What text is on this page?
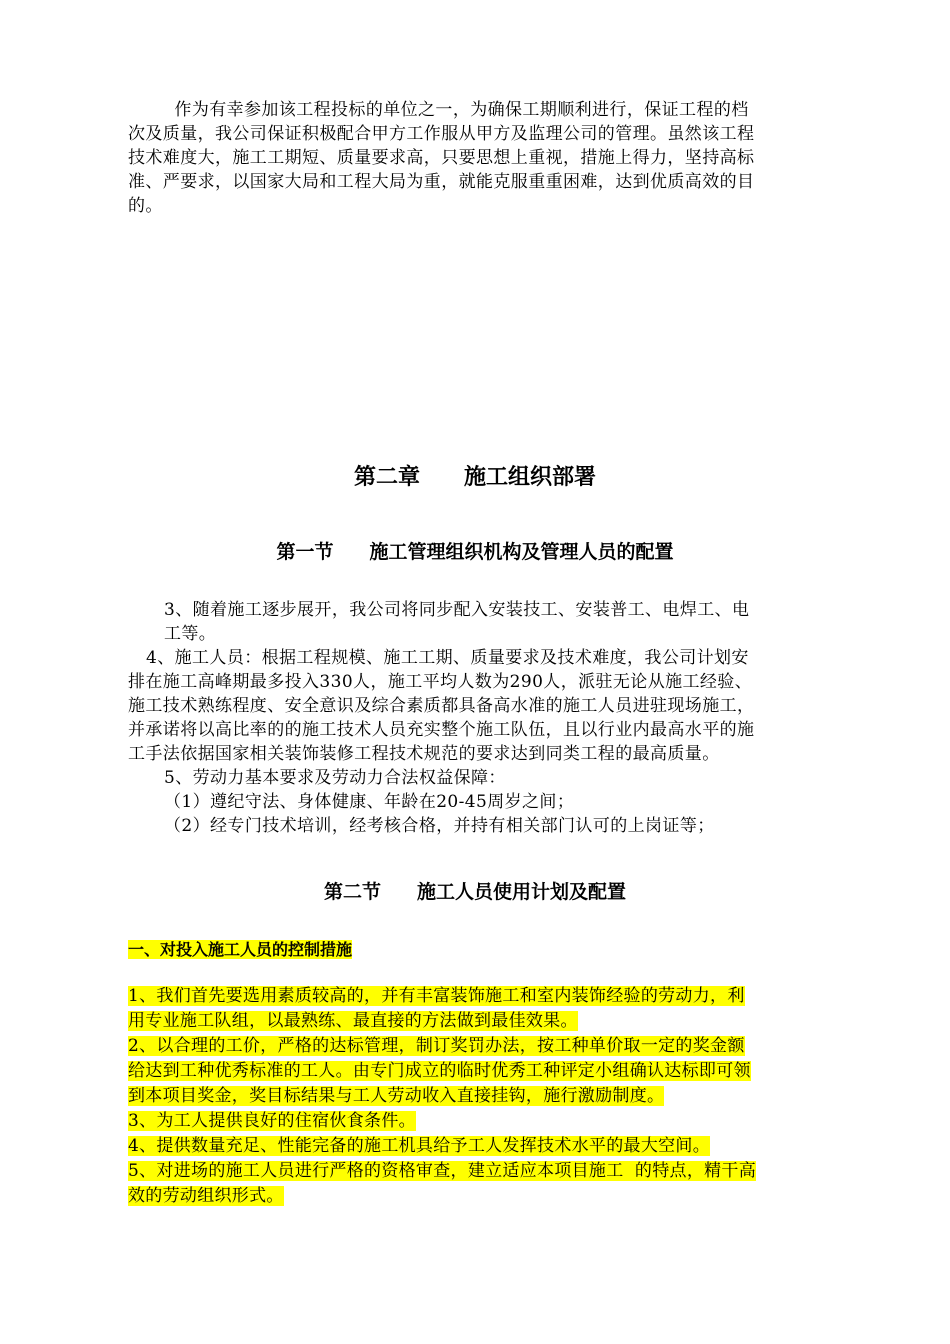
作为有幸参加该工程投标的单位之一，为确保工期顺利进行，保证工程的档
次及质量，我公司保证积极配合甲方工作服从甲方及监理公司的管理。虽然该工程
技术难度大，施工工期短、质量要求高，只要思想上重视，措施上得力，坚持高标
准、严要求，以国家大局和工程大局为重，就能克服重重困难，达到优质高效的目
的。
第二章 施工组织部署
第一节 施工管理组织机构及管理人员的配置
3、随着施工逐步展开，我公司将同步配入安装技工、安装普工、电焊工、电
工等。
4、施工人员：根据工程规模、施工工期、质量要求及技术难度，我公司计划安
排在施工高峰期最多投入330人，施工平均人数为290人，派驻无论从施工经验、
施工技术熟练程度、安全意识及综合素质都具备高水准的施工人员进驻现场施工，
并承诺将以高比率的的施工技术人员充实整个施工队伍，且以行业内最高水平的施
工手法依据国家相关装饰装修工程技术规范的要求达到同类工程的最高质量。
5、劳动力基本要求及劳动力合法权益保障：
（1）遵纪守法、身体健康、年龄在20-45周岁之间；
（2）经专门技术培训，经考核合格，并持有相关部门认可的上岗证等；
第二节 施工人员使用计划及配置
一、对投入施工人员的控制措施
1、我们首先要选用素质较高的，并有丰富装饰施工和室内装饰经验的劳动力，利
用专业施工队组，以最熟练、最直接的方法做到最佳效果。
2、以合理的工价，严格的达标管理，制订奖罚办法，按工种单价取一定的奖金额
给达到工种优秀标准的工人。由专门成立的临时优秀工种评定小组确认达标即可领
到本项目奖金，奖目标结果与工人劳动收入直接挂钩，施行激励制度。
3、为工人提供良好的住宿伙食条件。
4、提供数量充足、性能完备的施工机具给予工人发挥技术水平的最大空间。
5、对进场的施工人员进行严格的资格审查，建立适应本项目施工  的特点，精干高
效的劳动组织形式。
